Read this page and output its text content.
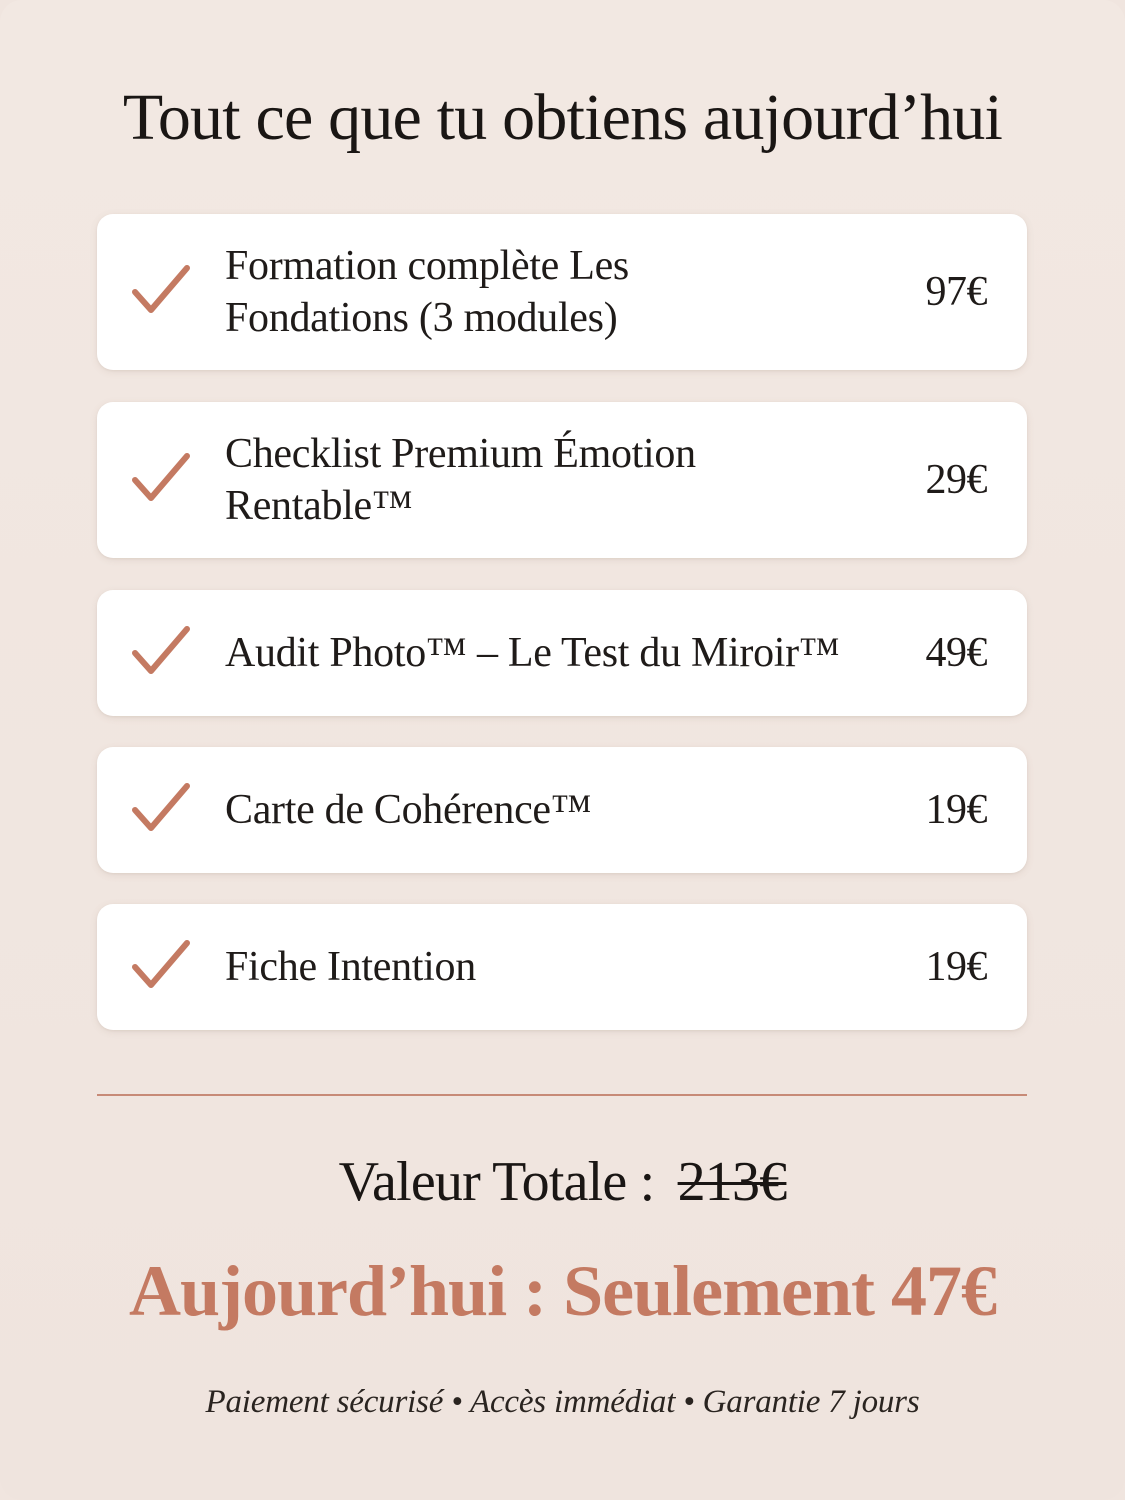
Tout ce que tu obtiens aujourd’hui
Formation complète Les
Fondations (3 modules)
97€
Checklist Premium Émotion
Rentable™
29€
Audit Photo™ – Le Test du Miroir™	49€
Carte de Cohérence™	19€
Fiche Intention	19€
Valeur Totale : 213€
Aujourd’hui : Seulement 47€
Paiement sécurisé • Accès immédiat • Garantie 7 jours
